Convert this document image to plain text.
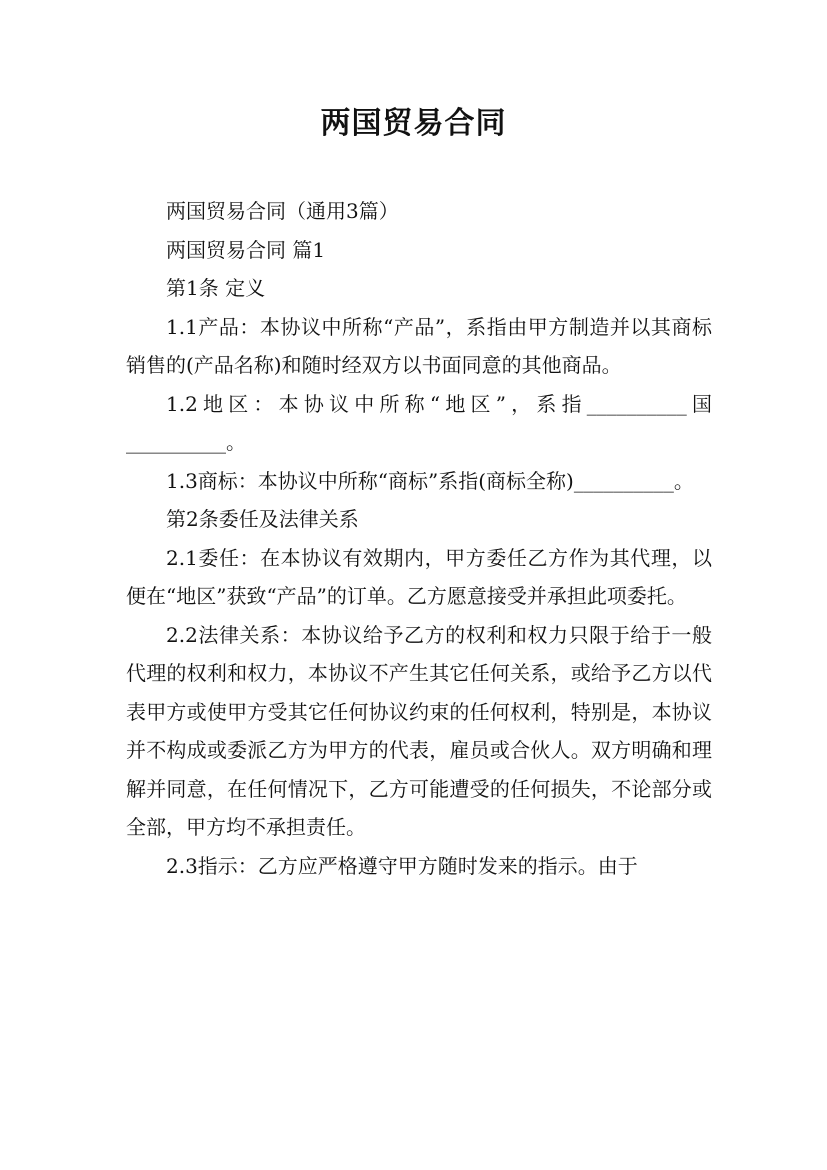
两国贸易合同

两国贸易合同（通用3篇）

两国贸易合同 篇1

第1条 定义

1.1产品：本协议中所称“产品”，系指由甲方制造并以其商标销售的(产品名称)和随时经双方以书面同意的其他商品。

1.2地区：本协议中所称“地区”，系指__________国__________。

1.3商标：本协议中所称“商标”系指(商标全称)__________。

第2条委任及法律关系

2.1委任：在本协议有效期内，甲方委任乙方作为其代理，以便在“地区”获致“产品”的订单。乙方愿意接受并承担此项委托。

2.2法律关系：本协议给予乙方的权利和权力只限于给于一般代理的权利和权力，本协议不产生其它任何关系，或给予乙方以代表甲方或使甲方受其它任何协议约束的任何权利，特别是，本协议并不构成或委派乙方为甲方的代表，雇员或合伙人。双方明确和理解并同意，在任何情况下，乙方可能遭受的任何损失，不论部分或全部，甲方均不承担责任。

2.3指示：乙方应严格遵守甲方随时发来的指示。由于
